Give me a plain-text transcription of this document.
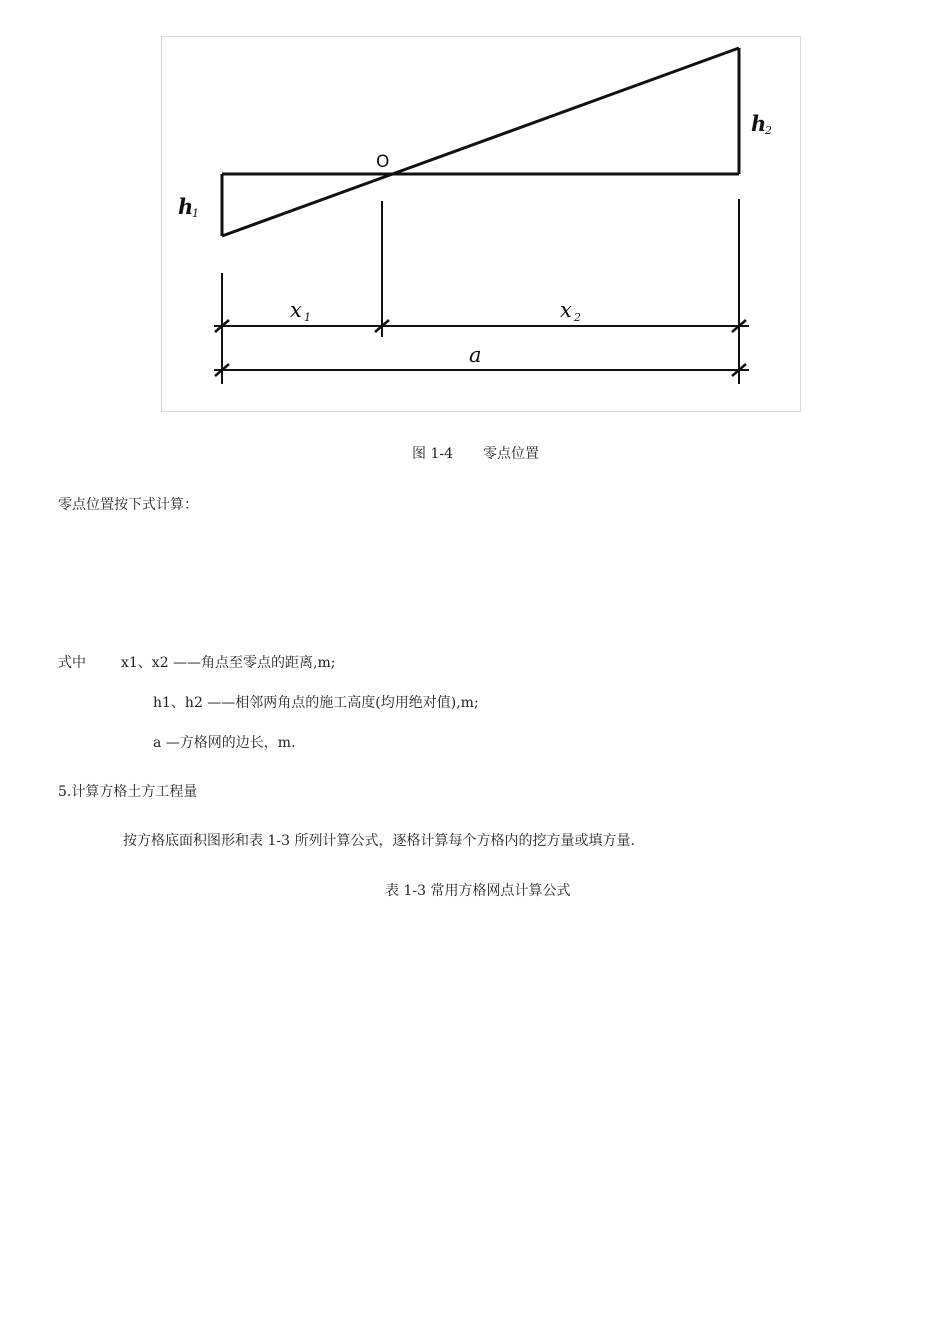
O
h
1
h
2
x 1	x 2
a
图 1-4 零点位置
零点位置按下式计算：
式中	x1、x2 ——角点至零点的距离,m;
h1、h2 ——相邻两角点的施工高度(均用绝对值),m;
a —方格网的边长，m.
5.计算方格土方工程量
按方格底面积图形和表 1-3 所列计算公式，逐格计算每个方格内的挖方量或填方量.
表 1-3 常用方格网点计算公式
